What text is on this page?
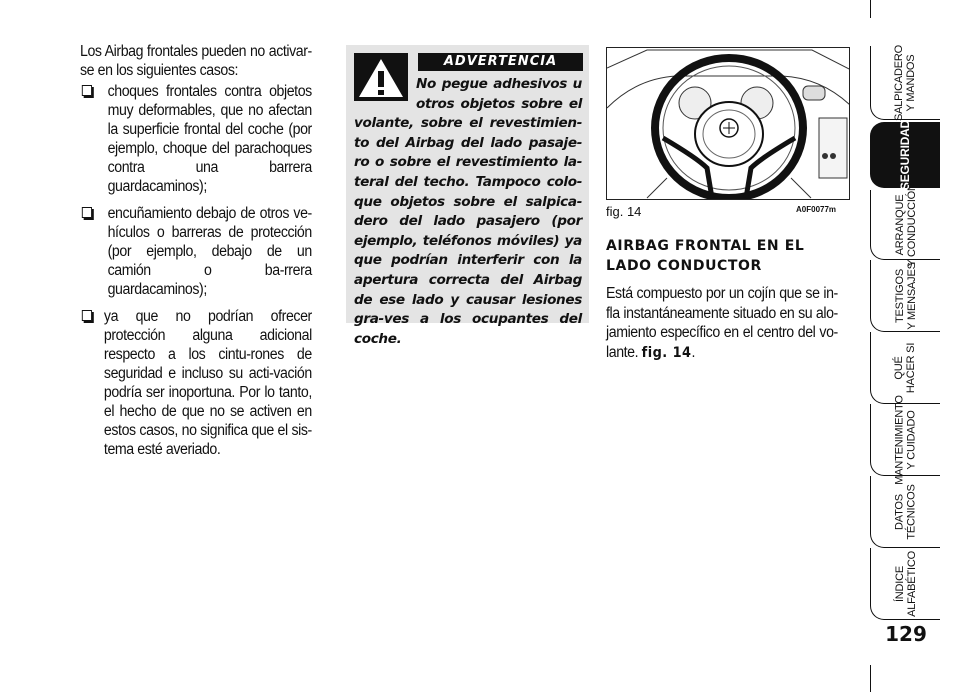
Los Airbag frontales pueden no activar-se en los siguientes casos:

choques frontales contra objetos muy deformables, que no afectan la superficie frontal del coche (por ejemplo, choque del parachoques contra una barrera guardacaminos);
encuñamiento debajo de otros ve-hículos o barreras de protección (por ejemplo, debajo de un camión o ba-rrera guardacaminos);
ya que no podrían ofrecer protección alguna adicional respecto a los cintu-rones de seguridad e incluso su acti-vación podría ser inoportuna. Por lo tanto, el hecho de que no se activen en estos casos, no significa que el sis-tema esté averiado.
ADVERTENCIA
No pegue adhesivos u otros objetos sobre el volante, sobre el revestimien-to del Airbag del lado pasaje-ro o sobre el revestimiento la-teral del techo. Tampoco colo-que objetos sobre el salpica-dero del lado pasajero (por ejemplo, teléfonos móviles) ya que podrían interferir con la apertura correcta del Airbag de ese lado y causar lesiones gra-ves a los ocupantes del coche.
fig. 14	A0F0077m
AIRBAG FRONTAL EN EL
LADO CONDUCTOR
Está compuesto por un cojín que se in-fla instantáneamente situado en su alo-jamiento específico en el centro del vo-lante. fig. 14.
SALPICADERO
Y MANDOS
SEGURIDAD
ARRANQUE
Y CONDUCCIÓN
TESTIGOS
Y MENSAJES
QUÉ
HACER SI
MANTENIMIENTO
Y CUIDADO
DATOS
TÉCNICOS
ÍNDICE
ALFABÉTICO
129
